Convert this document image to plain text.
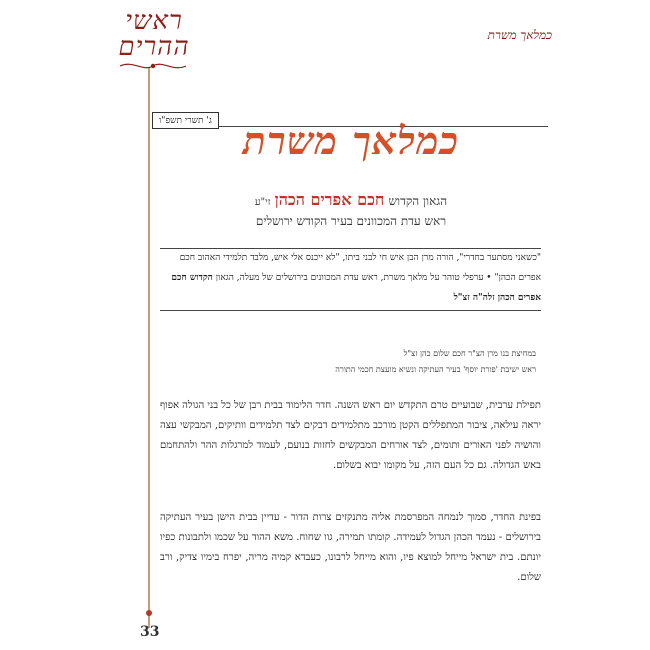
ראשי
ההרים	כמלאך משרת
ג' תשרי תשפ"ו כמלאך משרת
הגאון הקדוש חכם אפרים הכהן זי"ע
ראש עדת המכוונים בעיר הקודש ירושלים
"כשאני מסתער בחדרי", הורה מרן הבן איש חי לבני ביתו, "לא ייכנס אלי איש, מלבד תלמידי האהוב חכם אפרים הכהן" • ערפלי טוהר על מלאך משרת, ראש עדת המכוונים בירושלים של מעלה, הגאון הקדוש חכם אפרים הכהן זלה"ה זצ"ל
במחיצת בנו מרן הצ"ר חכם שלום כהן זצ"ל
ראש ישיבת 'פורת יוסף' בעיר העתיקה ונשיא מועצת חכמי התורה
תפילת ערבית, שבועיים טרם התקדש יום ראש השנה. חדר הלימוד בבית רבן של כל בני הגולה אפוף יראה עילאה, ציבור המתפללים הקטן מורכב מתלמידים דבקים לצד תלמידים וותיקים, המבקשי עצה והושיה לפני האורים ותומים, לצד אורחים המבקשים לחזות בנועם, לעמוד למרגלות ההר ולהתחמם באש הגדולה. גם כל העם הזה, על מקומו יבוא בשלום.
בפינת החדר, סמוך לנמחה המפרסמת אליה מתנקזים צרות הדור - עדיין בבית הישן בעיר העתיקה בירושלים - נעמד הכהן הגדול לעמידה. קומתו תמירה, גוו שחוח. משא ההוד על שכמו ולתבונות כפיו יונתם. בית ישראל מייחל למוצא פיו, והוא מייחל לרבונו, כעבדא קמיה מריה, יפרח בימיו צדיק, ורב שלום.
33
